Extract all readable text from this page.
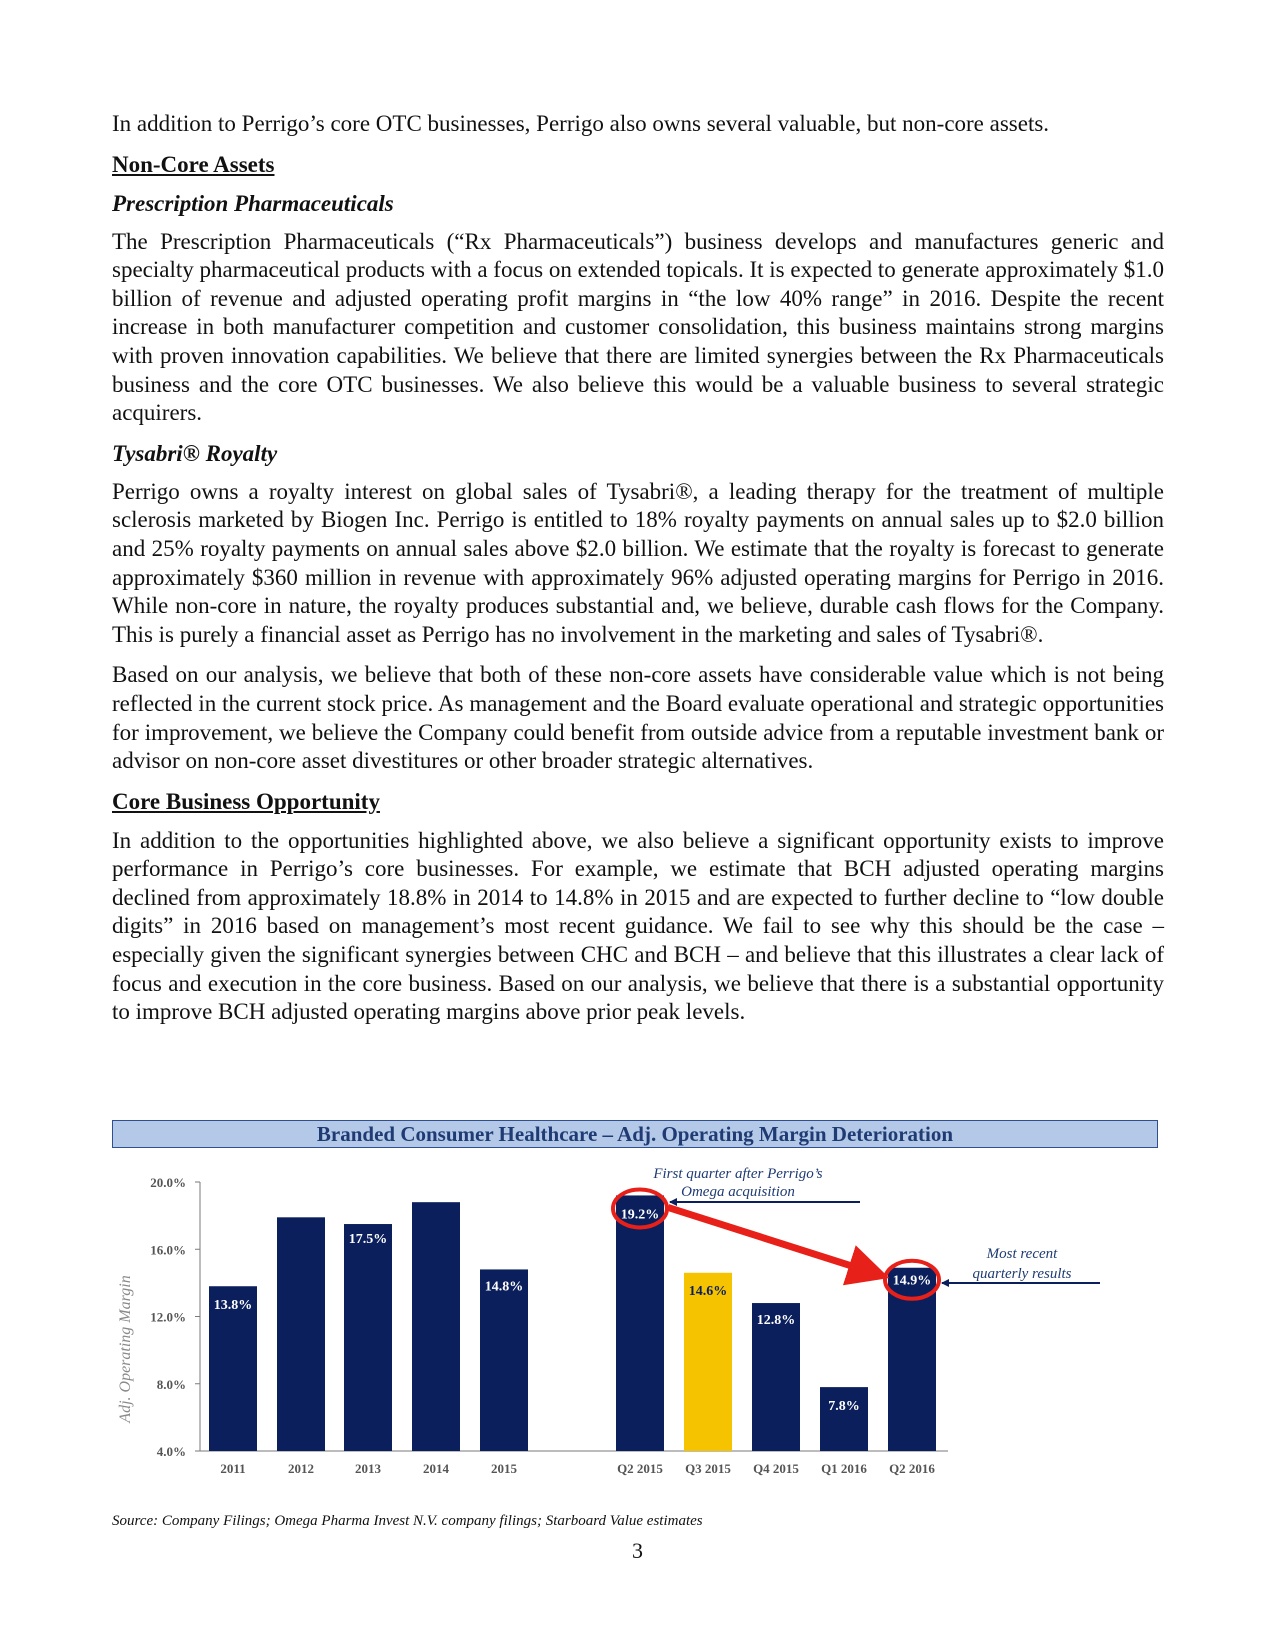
In addition to Perrigo’s core OTC businesses, Perrigo also owns several valuable, but non-core assets.

Non-Core Assets
Prescription Pharmaceuticals

The Prescription Pharmaceuticals (“Rx Pharmaceuticals”) business develops and manufactures generic and specialty pharmaceutical products with a focus on extended topicals. It is expected to generate approximately $1.0 billion of revenue and adjusted operating profit margins in “the low 40% range” in 2016. Despite the recent increase in both manufacturer competition and customer consolidation, this business maintains strong margins with proven innovation capabilities. We believe that there are limited synergies between the Rx Pharmaceuticals business and the core OTC businesses. We also believe this would be a valuable business to several strategic acquirers.

Tysabri® Royalty

Perrigo owns a royalty interest on global sales of Tysabri®, a leading therapy for the treatment of multiple sclerosis marketed by Biogen Inc. Perrigo is entitled to 18% royalty payments on annual sales up to $2.0 billion and 25% royalty payments on annual sales above $2.0 billion. We estimate that the royalty is forecast to generate approximately $360 million in revenue with approximately 96% adjusted operating margins for Perrigo in 2016. While non-core in nature, the royalty produces substantial and, we believe, durable cash flows for the Company. This is purely a financial asset as Perrigo has no involvement in the marketing and sales of Tysabri®.

Based on our analysis, we believe that both of these non-core assets have considerable value which is not being reflected in the current stock price. As management and the Board evaluate operational and strategic opportunities for improvement, we believe the Company could benefit from outside advice from a reputable investment bank or advisor on non-core asset divestitures or other broader strategic alternatives.

Core Business Opportunity

In addition to the opportunities highlighted above, we also believe a significant opportunity exists to improve performance in Perrigo’s core businesses. For example, we estimate that BCH adjusted operating margins declined from approximately 18.8% in 2014 to 14.8% in 2015 and are expected to further decline to “low double digits” in 2016 based on management’s most recent guidance. We fail to see why this should be the case – especially given the significant synergies between CHC and BCH – and believe that this illustrates a clear lack of focus and execution in the core business. Based on our analysis, we believe that there is a substantial opportunity to improve BCH adjusted operating margins above prior peak levels.

Branded Consumer Healthcare – Adj. Operating Margin Deterioration
20.0%
16.0%
12.0%
8.0%
4.0%
13.8%
2011
17.9%
2012
17.5%
2013
18.8%
2014
14.8%
2015
19.2%
Q2 2015
14.6%
Q3 2015
12.8%
Q4 2015
7.8%
Q1 2016
14.9%
Q2 2016
Adj. Operating Margin
First quarter after Perrigo’s
Omega acquisition
Most recent
quarterly results
Source: Company Filings; Omega Pharma Invest N.V. company filings; Starboard Value estimates
3
